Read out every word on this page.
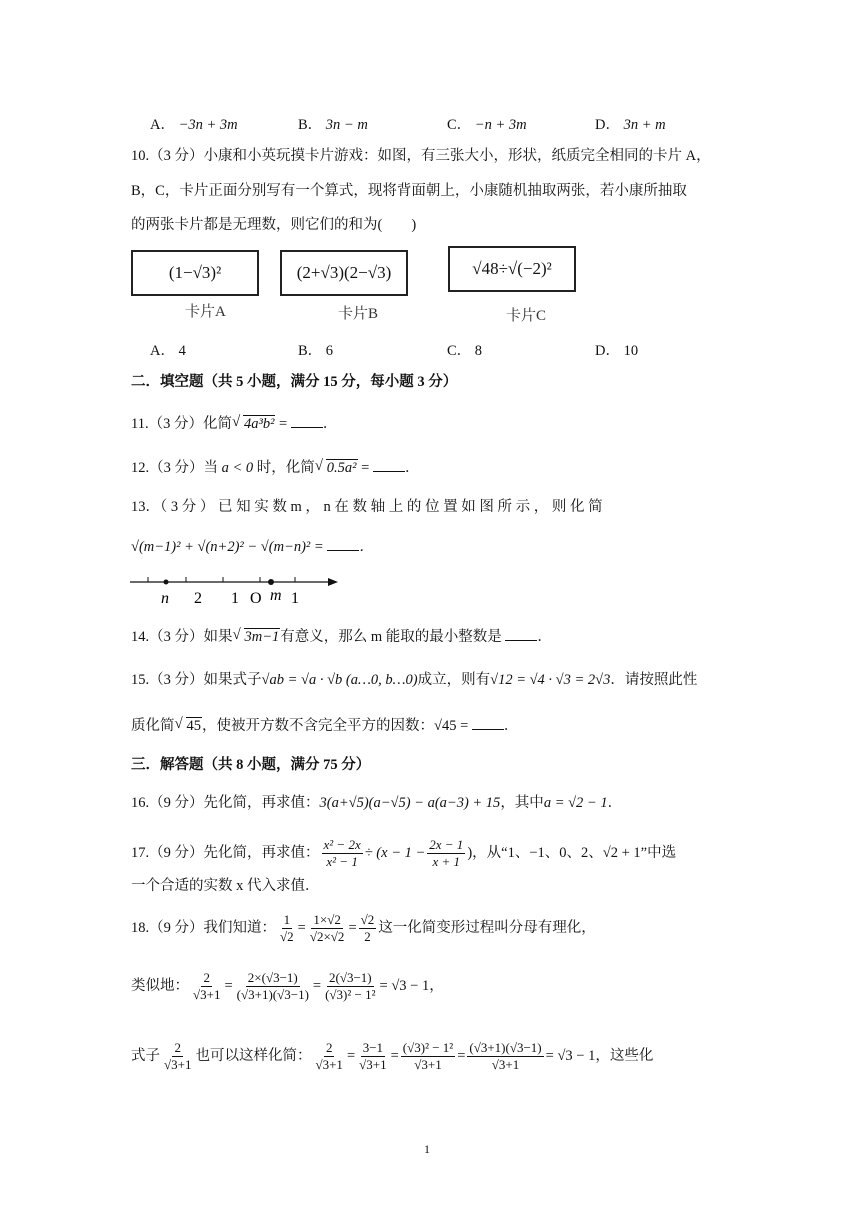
A． −3n + 3m	B． 3n − m	C． −n + 3m	D． 3n + m
10.（3 分）小康和小英玩摸卡片游戏：如图，有三张大小，形状，纸质完全相同的卡片 A，
B，C，卡片正面分别写有一个算式，现将背面朝上，小康随机抽取两张，若小康所抽取
的两张卡片都是无理数，则它们的和为(　　)
(1−√3)²
卡片A
(2+√3)(2−√3)
卡片B
√48÷√(−2)²
卡片C
A． 4	B． 6	C． 8	D． 10
二．填空题（共 5 小题，满分 15 分，每小题 3 分）
11.（3 分）化简 √ 4a³b² = ．
12.（3 分）当 a < 0 时，化简 √ 0.5a² = ．
13．（ 3 分 ） 已 知 实 数 m ， n 在 数 轴 上 的 位 置 如 图 所 示 ， 则 化 简
√(m−1)² + √(n+2)² − √(m−n)² = ．
n 2 1 O m 1
14.（3 分）如果 √ 3m−1有意义，那么 m 能取的最小整数是 ．
15.（3 分）如果式子√ab = √a · √b (a…0, b…0)成立，则有√12 = √4 · √3 = 2√3．请按照此性
质化简 √ 45，使被开方数不含完全平方的因数：√45 = ．
三．解答题（共 8 小题，满分 75 分）
16.（9 分）先化简，再求值：3(a+√5)(a−√5) − a(a−3) + 15，其中a = √2 − 1．
17.（9 分）先化简，再求值： $\frac{\text{x² − 2x}}{\text{x² − 1}} \div (x - 1 - \frac{2x - 1}{x + 1}$ )，从“1、−1、0、2、√2 + 1”中选
一个合适的实数 x 代入求值．
18.（9 分）我们知道： $\frac{1}{√2} = \frac{1\times√2}{√2\times√2} = \frac{√2}{2}$ 这一化简变形过程叫分母有理化，
类似地： $\frac{2}{√3+1} = \frac{2\times(√3-1)}{(√3+1)(√3-1)} = \frac{2(√3-1)}{\text{(√3)² − 1²}} = √3 - 1$，
式子 $\frac{2}{√3+1}$ 也可以这样化简： $\frac{2}{√3+1} = \frac{3-1}{√3+1} = \frac{\text{(√3)² − 1²}}{√3+1} = \frac{(√3+1)(√3-1)}{√3+1} = √3 - 1$，这些化
1
